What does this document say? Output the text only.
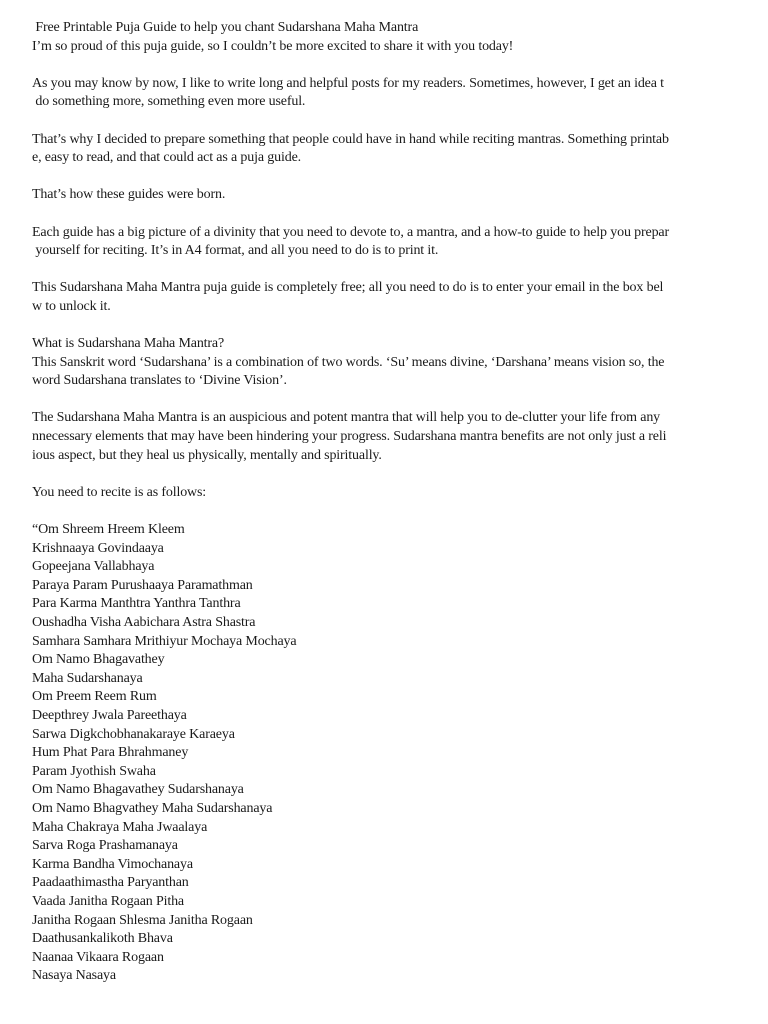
Free Printable Puja Guide to help you chant Sudarshana Maha Mantra
I’m so proud of this puja guide, so I couldn’t be more excited to share it with you today!
As you may know by now, I like to write long and helpful posts for my readers. Sometimes, however, I get an idea t
do something more, something even more useful.
That’s why I decided to prepare something that people could have in hand while reciting mantras. Something printab
e, easy to read, and that could act as a puja guide.
That’s how these guides were born.
Each guide has a big picture of a divinity that you need to devote to, a mantra, and a how-to guide to help you prepar
yourself for reciting. It’s in A4 format, and all you need to do is to print it.
This Sudarshana Maha Mantra puja guide is completely free; all you need to do is to enter your email in the box bel
w to unlock it.
What is Sudarshana Maha Mantra?
This Sanskrit word ‘Sudarshana’ is a combination of two words. ‘Su’ means divine, ‘Darshana’ means vision so, the
word Sudarshana translates to ‘Divine Vision’.
The Sudarshana Maha Mantra is an auspicious and potent mantra that will help you to de-clutter your life from any
nnecessary elements that may have been hindering your progress. Sudarshana mantra benefits are not only just a reli
ious aspect, but they heal us physically, mentally and spiritually.
You need to recite is as follows:
“Om Shreem Hreem Kleem
Krishnaaya Govindaaya
Gopeejana Vallabhaya
Paraya Param Purushaaya Paramathman
Para Karma Manthtra Yanthra Tanthra
Oushadha Visha Aabichara Astra Shastra
Samhara Samhara Mrithiyur Mochaya Mochaya
Om Namo Bhagavathey
Maha Sudarshanaya
Om Preem Reem Rum
Deepthrey Jwala Pareethaya
Sarwa Digkchobhanakaraye Karaeya
Hum Phat Para Bhrahmaney
Param Jyothish Swaha
Om Namo Bhagavathey Sudarshanaya
Om Namo Bhagvathey Maha Sudarshanaya
Maha Chakraya Maha Jwaalaya
Sarva Roga Prashamanaya
Karma Bandha Vimochanaya
Paadaathimastha Paryanthan
Vaada Janitha Rogaan Pitha
Janitha Rogaan Shlesma Janitha Rogaan
Daathusankalikoth Bhava
Naanaa Vikaara Rogaan
Nasaya Nasaya
